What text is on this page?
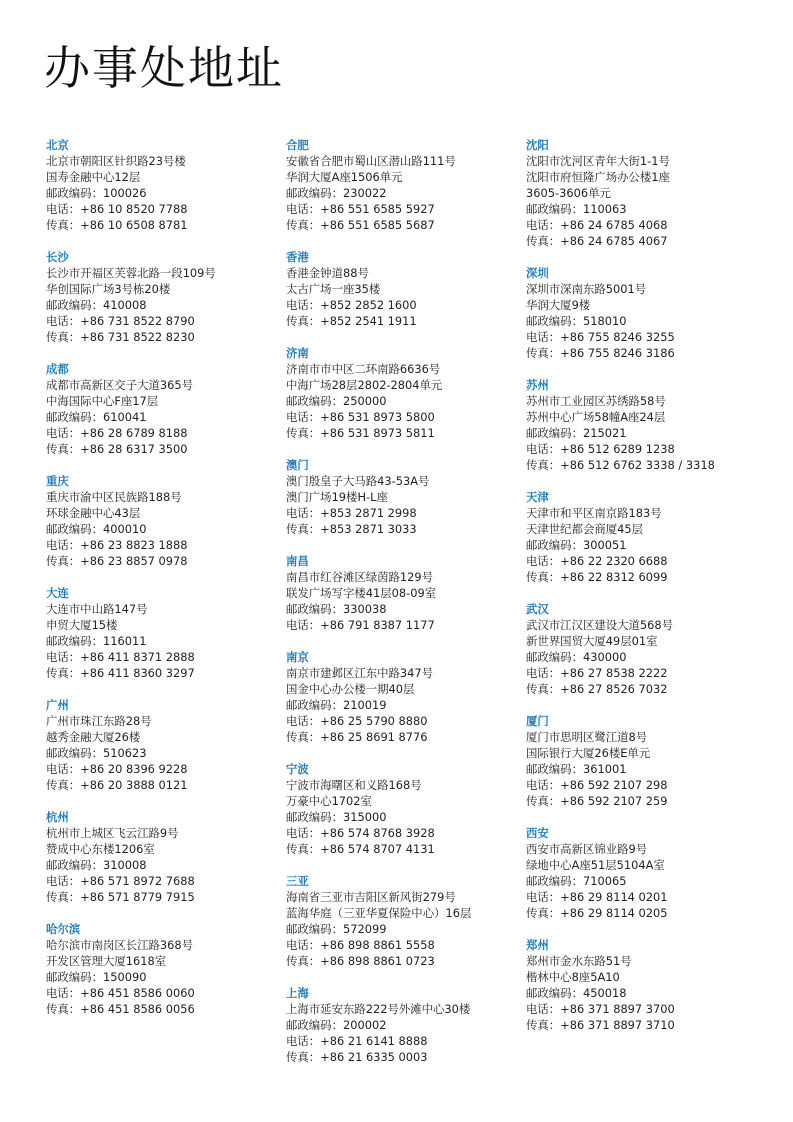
办事处地址
北京
北京市朝阳区针织路23号楼
国寿金融中心12层
邮政编码：100026
电话：+86 10 8520 7788
传真：+86 10 6508 8781
长沙
长沙市开福区芙蓉北路一段109号
华创国际广场3号栋20楼
邮政编码：410008
电话：+86 731 8522 8790
传真：+86 731 8522 8230
成都
成都市高新区交子大道365号
中海国际中心F座17层
邮政编码：610041
电话：+86 28 6789 8188
传真：+86 28 6317 3500
重庆
重庆市渝中区民族路188号
环球金融中心43层
邮政编码：400010
电话：+86 23 8823 1888
传真：+86 23 8857 0978
大连
大连市中山路147号
申贸大厦15楼
邮政编码：116011
电话：+86 411 8371 2888
传真：+86 411 8360 3297
广州
广州市珠江东路28号
越秀金融大厦26楼
邮政编码：510623
电话：+86 20 8396 9228
传真：+86 20 3888 0121
杭州
杭州市上城区飞云江路9号
赞成中心东楼1206室
邮政编码：310008
电话：+86 571 8972 7688
传真：+86 571 8779 7915
哈尔滨
哈尔滨市南岗区长江路368号
开发区管理大厦1618室
邮政编码：150090
电话：+86 451 8586 0060
传真：+86 451 8586 0056
合肥
安徽省合肥市蜀山区潜山路111号
华润大厦A座1506单元
邮政编码：230022
电话：+86 551 6585 5927
传真：+86 551 6585 5687
香港
香港金钟道88号
太古广场一座35楼
电话：+852 2852 1600
传真：+852 2541 1911
济南
济南市市中区二环南路6636号
中海广场28层2802-2804单元
邮政编码：250000
电话：+86 531 8973 5800
传真：+86 531 8973 5811
澳门
澳门殷皇子大马路43-53A号
澳门广场19楼H-L座
电话：+853 2871 2998
传真：+853 2871 3033
南昌
南昌市红谷滩区绿茵路129号
联发广场写字楼41层08-09室
邮政编码：330038
电话：+86 791 8387 1177
南京
南京市建邺区江东中路347号
国金中心办公楼一期40层
邮政编码：210019
电话：+86 25 5790 8880
传真：+86 25 8691 8776
宁波
宁波市海曙区和义路168号
万豪中心1702室
邮政编码：315000
电话：+86 574 8768 3928
传真：+86 574 8707 4131
三亚
海南省三亚市吉阳区新风街279号
蓝海华庭（三亚华夏保险中心）16层
邮政编码：572099
电话：+86 898 8861 5558
传真：+86 898 8861 0723
上海
上海市延安东路222号外滩中心30楼
邮政编码：200002
电话：+86 21 6141 8888
传真：+86 21 6335 0003
沈阳
沈阳市沈河区青年大街1-1号
沈阳市府恒隆广场办公楼1座
3605-3606单元
邮政编码：110063
电话：+86 24 6785 4068
传真：+86 24 6785 4067
深圳
深圳市深南东路5001号
华润大厦9楼
邮政编码：518010
电话：+86 755 8246 3255
传真：+86 755 8246 3186
苏州
苏州市工业园区苏绣路58号
苏州中心广场58幢A座24层
邮政编码：215021
电话：+86 512 6289 1238
传真：+86 512 6762 3338 / 3318
天津
天津市和平区南京路183号
天津世纪都会商厦45层
邮政编码：300051
电话：+86 22 2320 6688
传真：+86 22 8312 6099
武汉
武汉市江汉区建设大道568号
新世界国贸大厦49层01室
邮政编码：430000
电话：+86 27 8538 2222
传真：+86 27 8526 7032
厦门
厦门市思明区鹭江道8号
国际银行大厦26楼E单元
邮政编码：361001
电话：+86 592 2107 298
传真：+86 592 2107 259
西安
西安市高新区锦业路9号
绿地中心A座51层5104A室
邮政编码：710065
电话：+86 29 8114 0201
传真：+86 29 8114 0205
郑州
郑州市金水东路51号
楷林中心8座5A10
邮政编码：450018
电话：+86 371 8897 3700
传真：+86 371 8897 3710
